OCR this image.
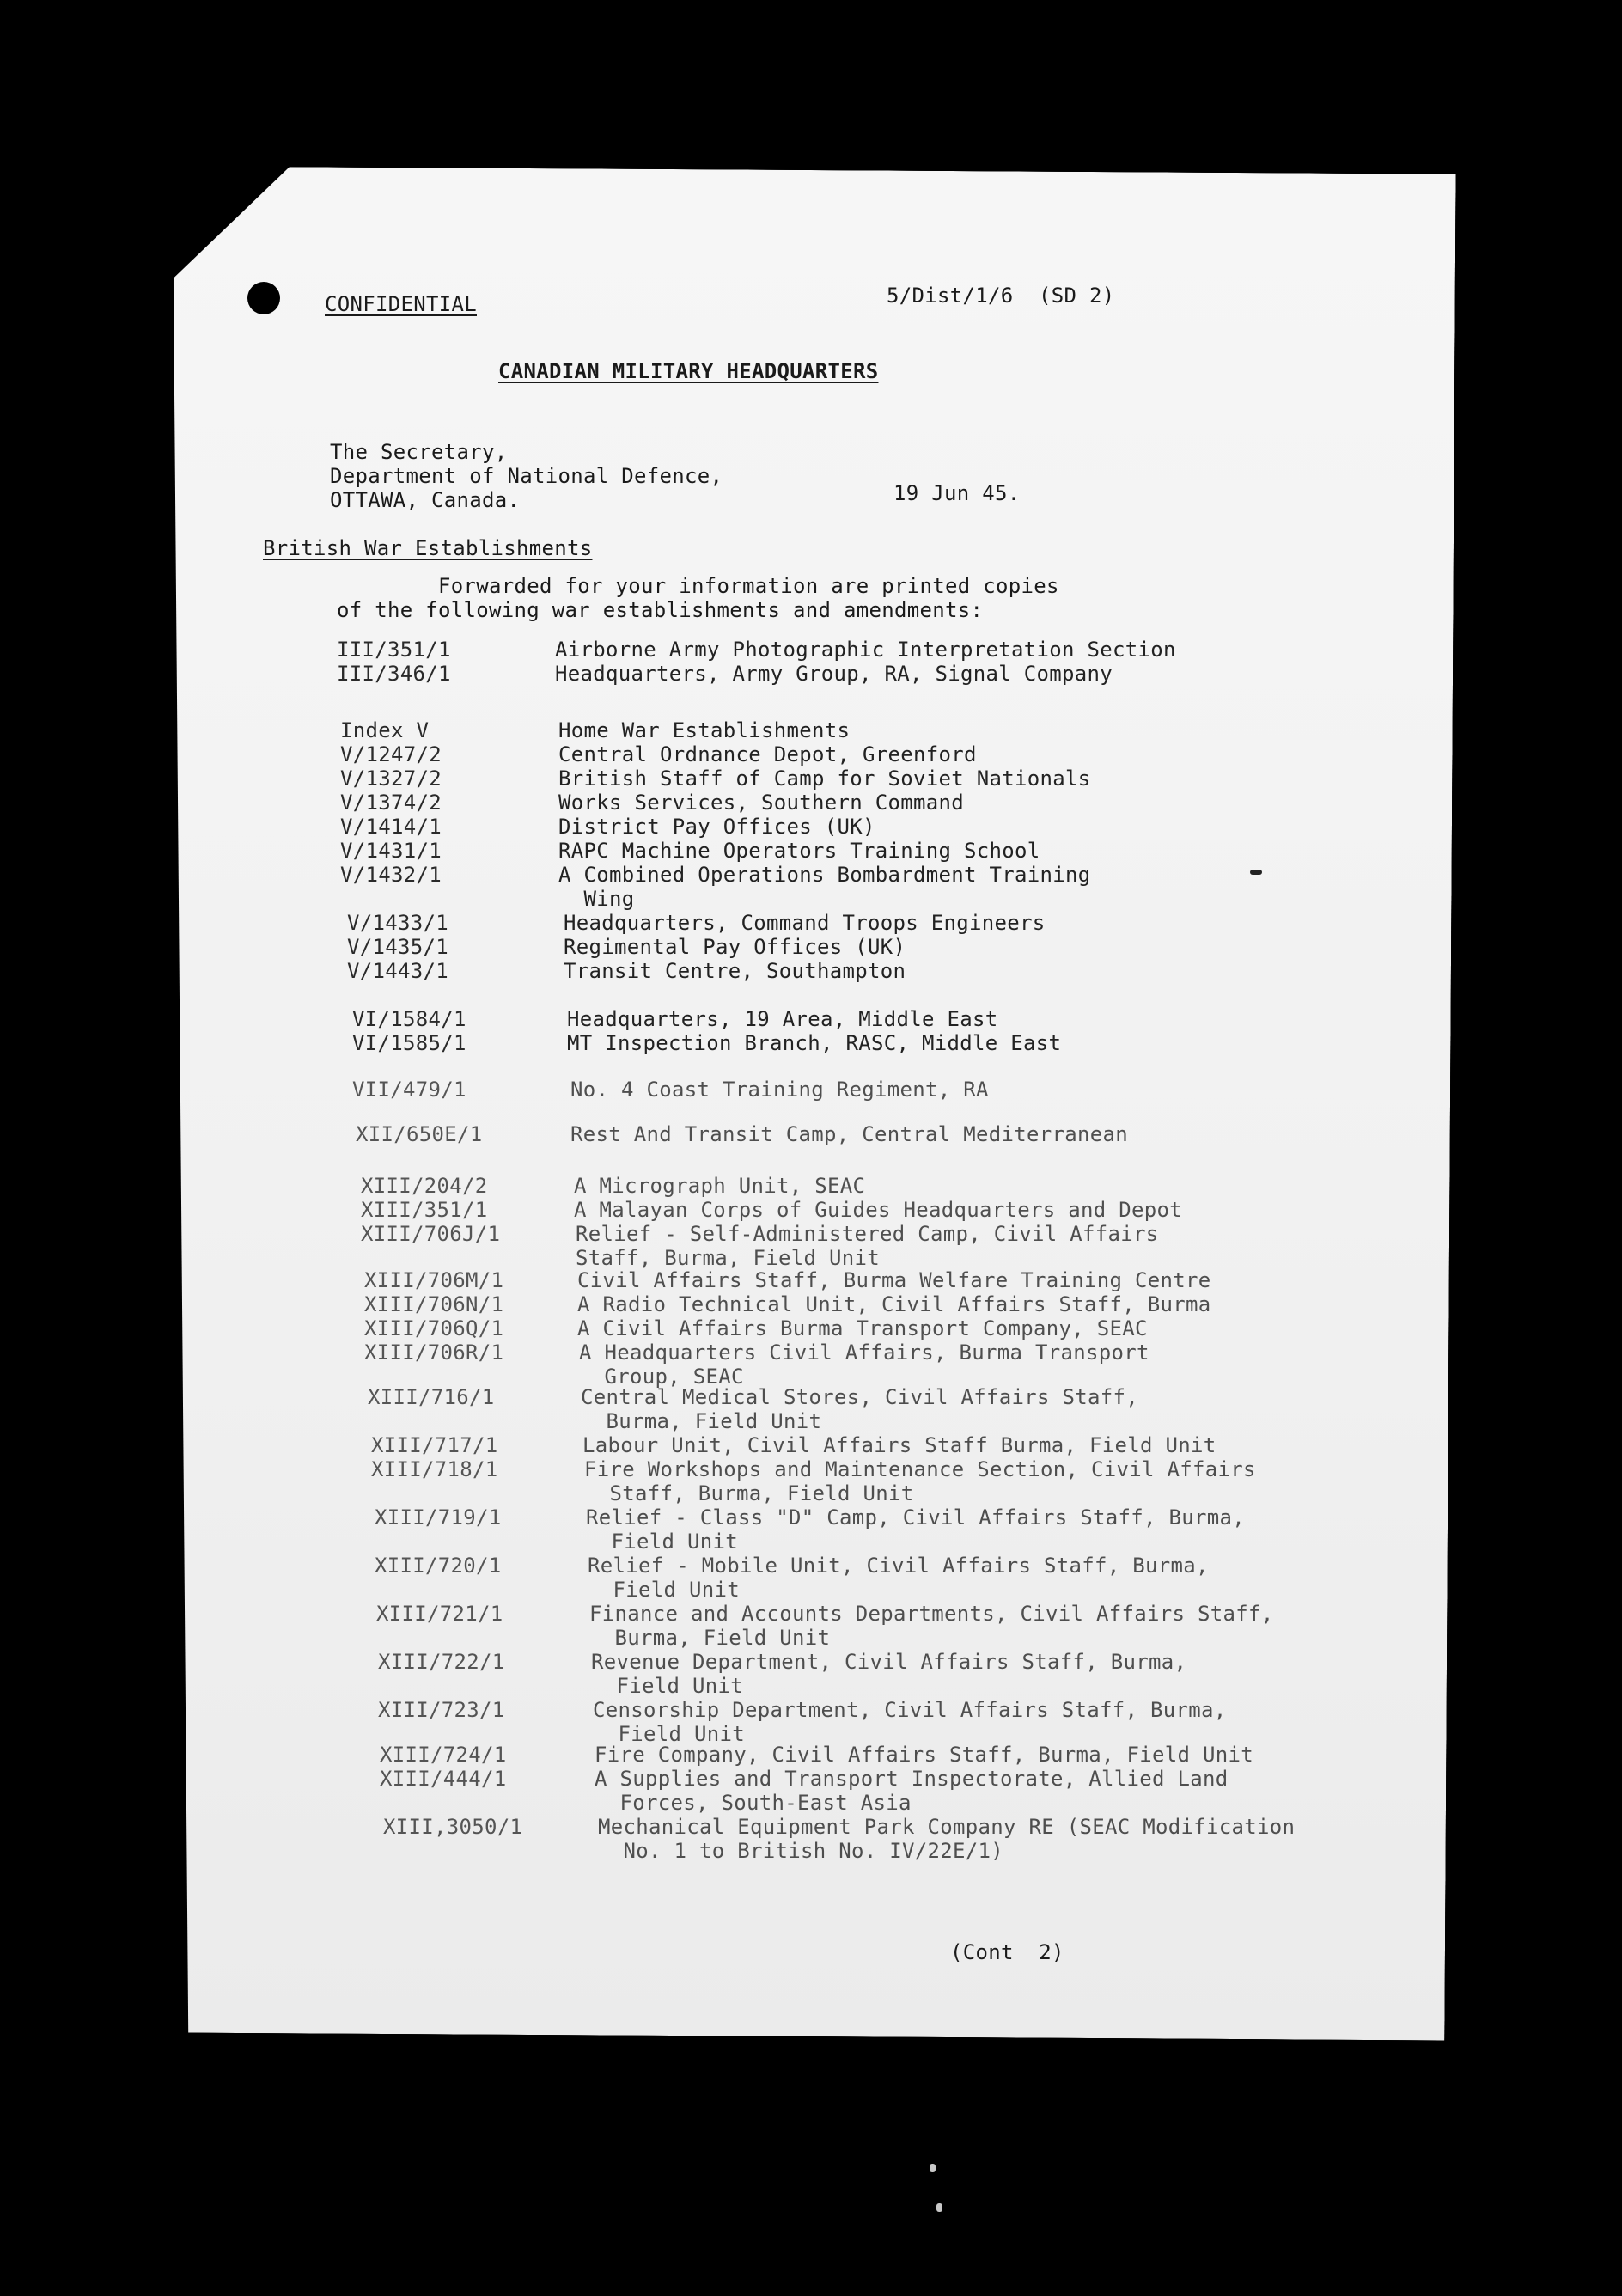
CONFIDENTIAL	5/Dist/1/6  (SD 2)
CANADIAN MILITARY HEADQUARTERS
The Secretary,
Department of National Defence,
OTTAWA, Canada.	19 Jun 45.
British War Establishments
Forwarded for your information are printed copies
of the following war establishments and amendments:
III/351/1	Airborne Army Photographic Interpretation Section
III/346/1	Headquarters, Army Group, RA, Signal Company
Index V	Home War Establishments
V/1247/2	Central Ordnance Depot, Greenford
V/1327/2	British Staff of Camp for Soviet Nationals
V/1374/2	Works Services, Southern Command
V/1414/1	District Pay Offices (UK)
V/1431/1	RAPC Machine Operators Training School
V/1432/1	A Combined Operations Bombardment Training
Wing
V/1433/1	Headquarters, Command Troops Engineers
V/1435/1	Regimental Pay Offices (UK)
V/1443/1	Transit Centre, Southampton
VI/1584/1	Headquarters, 19 Area, Middle East
VI/1585/1	MT Inspection Branch, RASC, Middle East
VII/479/1	No. 4 Coast Training Regiment, RA
XII/650E/1	Rest And Transit Camp, Central Mediterranean
XIII/204/2	A Micrograph Unit, SEAC
XIII/351/1	A Malayan Corps of Guides Headquarters and Depot
XIII/706J/1	Relief - Self-Administered Camp, Civil Affairs
Staff, Burma, Field Unit
XIII/706M/1	Civil Affairs Staff, Burma Welfare Training Centre
XIII/706N/1	A Radio Technical Unit, Civil Affairs Staff, Burma
XIII/706Q/1	A Civil Affairs Burma Transport Company, SEAC
XIII/706R/1	A Headquarters Civil Affairs, Burma Transport
Group, SEAC
XIII/716/1	Central Medical Stores, Civil Affairs Staff,
Burma, Field Unit
XIII/717/1	Labour Unit, Civil Affairs Staff Burma, Field Unit
XIII/718/1	Fire Workshops and Maintenance Section, Civil Affairs
Staff, Burma, Field Unit
XIII/719/1	Relief - Class "D" Camp, Civil Affairs Staff, Burma,
Field Unit
XIII/720/1	Relief - Mobile Unit, Civil Affairs Staff, Burma,
Field Unit
XIII/721/1	Finance and Accounts Departments, Civil Affairs Staff,
Burma, Field Unit
XIII/722/1	Revenue Department, Civil Affairs Staff, Burma,
Field Unit
XIII/723/1	Censorship Department, Civil Affairs Staff, Burma,
Field Unit
XIII/724/1	Fire Company, Civil Affairs Staff, Burma, Field Unit
XIII/444/1	A Supplies and Transport Inspectorate, Allied Land
Forces, South-East Asia
XIII,3050/1	Mechanical Equipment Park Company RE (SEAC Modification
No. 1 to British No. IV/22E/1)
(Cont  2)
